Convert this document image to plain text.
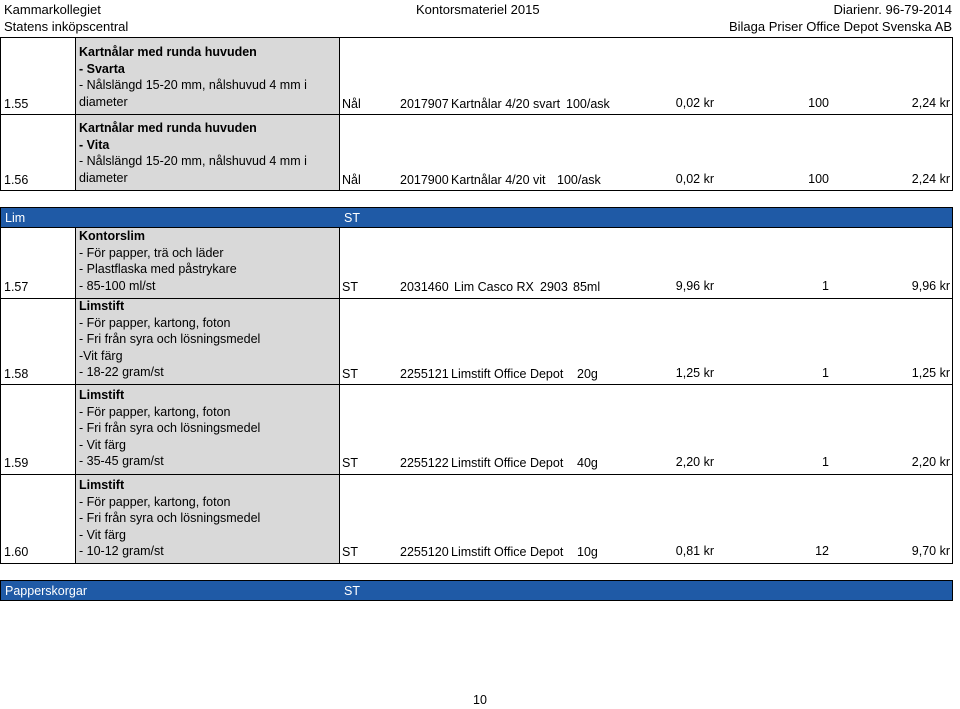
Kammarkollegiet
Statens inköpscentral
Kontorsmateriel 2015	Diarienr. 96-79-2014
Bilaga Priser Office Depot Svenska AB
1.55
Kartnålar med runda huvuden
- Svarta
- Nålslängd 15-20 mm, nålshuvud 4 mm i
diameter	Nål	2017907 Kartnålar 4/20 svart 100/ask	0,02 kr	100	2,24 kr
1.56
Kartnålar med runda huvuden
- Vita
- Nålslängd 15-20 mm, nålshuvud 4 mm i
diameter	Nål	2017900 Kartnålar 4/20 vit 100/ask	0,02 kr	100	2,24 kr
Lim	ST
1.57
Kontorslim
- För papper, trä och läder
- Plastflaska med påstrykare
- 85-100 ml/st	ST	2031460 Lim Casco RX 2903 85ml	9,96 kr	1	9,96 kr
1.58
Limstift
- För papper, kartong, foton
- Fri från syra och lösningsmedel
-Vit färg
- 18-22 gram/st	ST	2255121 Limstift Office Depot 20g	1,25 kr	1	1,25 kr
1.59
Limstift
- För papper, kartong, foton
- Fri från syra och lösningsmedel
- Vit färg
- 35-45 gram/st	ST	2255122 Limstift Office Depot 40g	2,20 kr	1	2,20 kr
1.60
Limstift
- För papper, kartong, foton
- Fri från syra och lösningsmedel
- Vit färg
- 10-12 gram/st	ST	2255120 Limstift Office Depot 10g	0,81 kr	12	9,70 kr
Papperskorgar	ST
10
